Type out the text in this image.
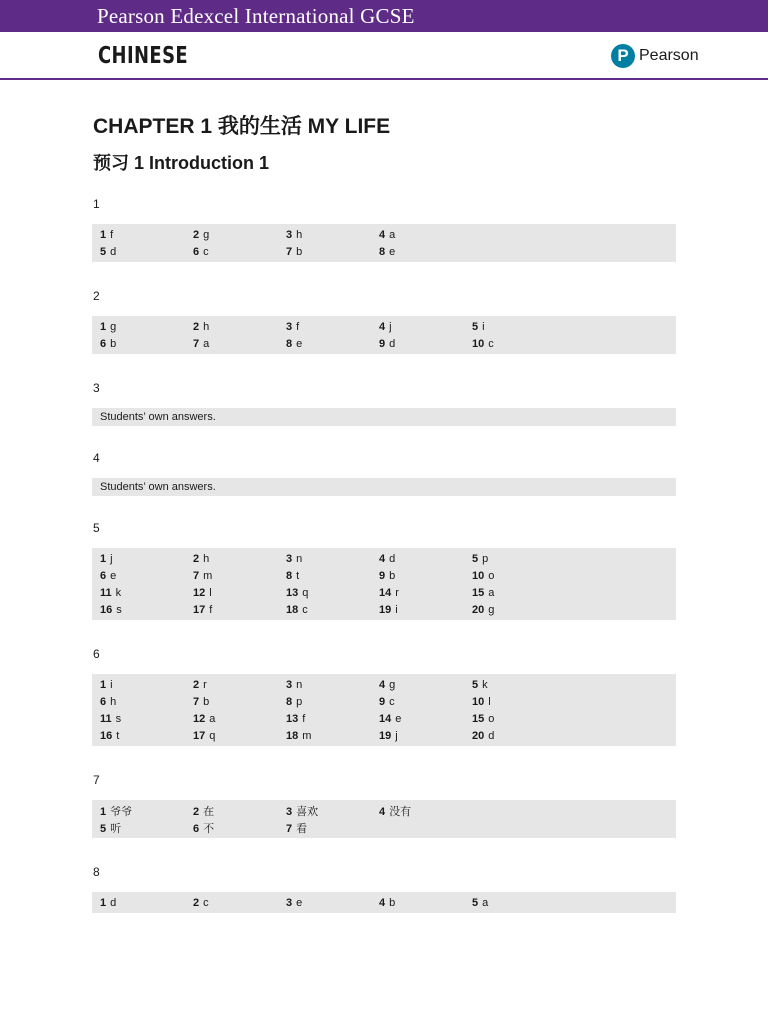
Pearson Edexcel International GCSE
CHINESE	P Pearson
CHAPTER 1 我的生活 MY LIFE
预习 1 Introduction 1
1
1 f	2 g	3 h	4 a
5 d	6 c	7 b	8 e
2
1 g	2 h	3 f	4 j	5 i
6 b	7 a	8 e	9 d	10 c
3
Students’ own answers.
4
Students’ own answers.
5
1 j	2 h	3 n	4 d	5 p
6 e	7 m	8 t	9 b	10 o
11 k	12 l	13 q	14 r	15 a
16 s	17 f	18 c	19 i	20 g
6
1 i	2 r	3 n	4 g	5 k
6 h	7 b	8 p	9 c	10 l
11 s	12 a	13 f	14 e	15 o
16 t	17 q	18 m	19 j	20 d
7
1 爷爷	2 在	3 喜欢	4 没有
5 听	6 不	7 看
8
1 d	2 c	3 e	4 b	5 a
